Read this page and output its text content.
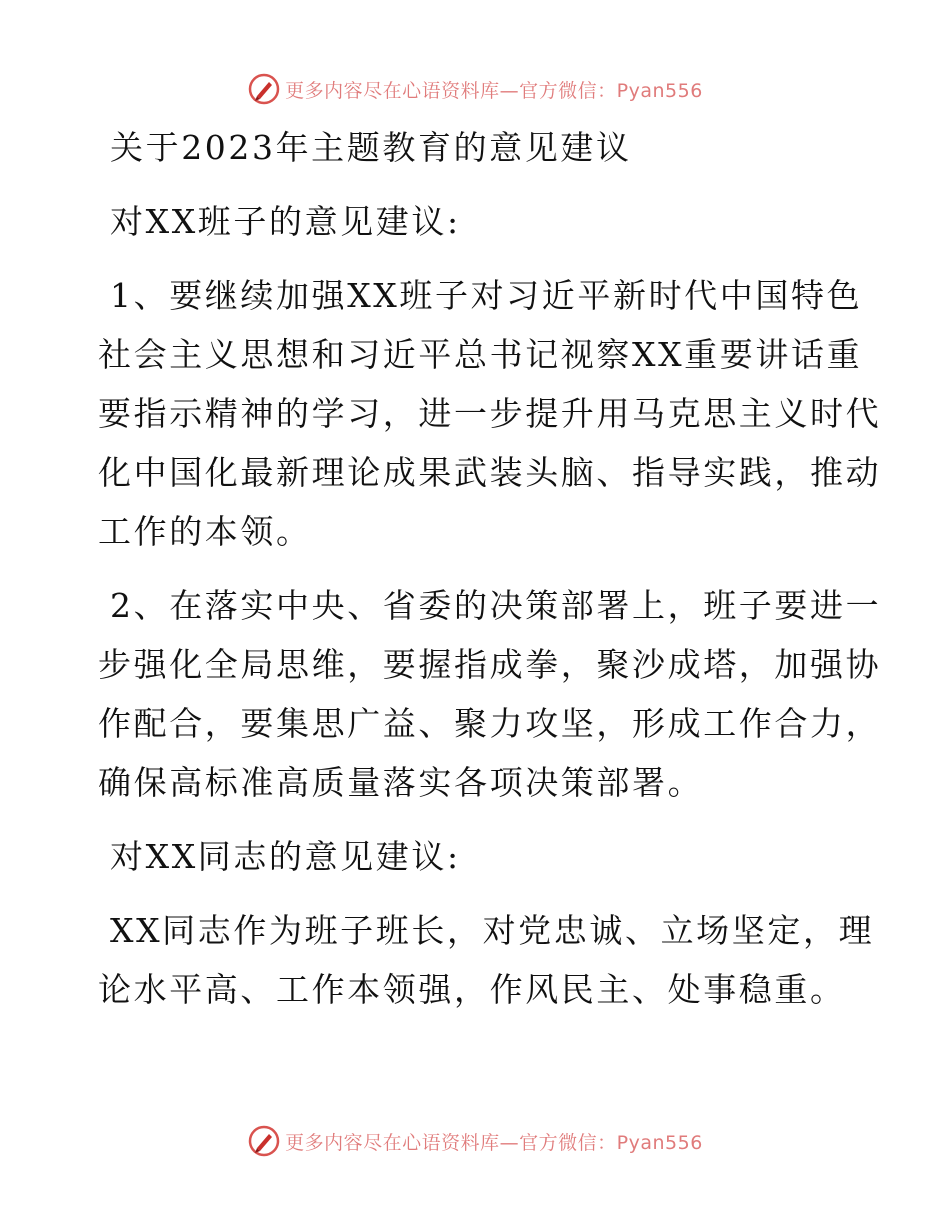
更多内容尽在心语资料库—官方微信：Pyan556
关于2023年主题教育的意见建议
对XX班子的意见建议:
1、要继续加强XX班子对习近平新时代中国特色
社会主义思想和习近平总书记视察XX重要讲话重
要指示精神的学习，进一步提升用马克思主义时代
化中国化最新理论成果武装头脑、指导实践，推动
工作的本领。
2、在落实中央、省委的决策部署上，班子要进一
步强化全局思维，要握指成拳，聚沙成塔，加强协
作配合，要集思广益、聚力攻坚，形成工作合力，
确保高标准高质量落实各项决策部署。
对XX同志的意见建议:
XX同志作为班子班长，对党忠诚、立场坚定，理
论水平高、工作本领强，作风民主、处事稳重。
更多内容尽在心语资料库—官方微信：Pyan556
